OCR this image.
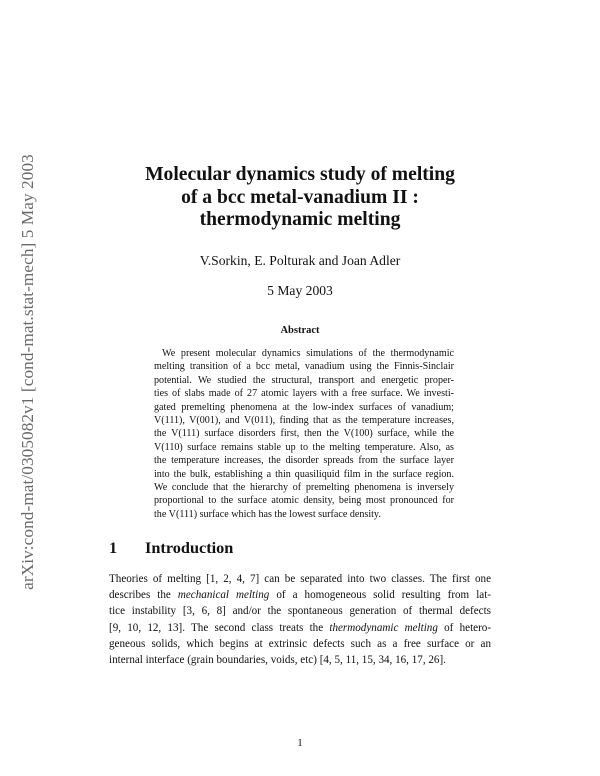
arXiv:cond-mat/0305082v1 [cond-mat.stat-mech] 5 May 2003	Molecular dynamics study of melting
of a bcc metal-vanadium II :
thermodynamic melting
V.Sorkin, E. Polturak and Joan Adler
5 May 2003
Abstract
We present molecular dynamics simulations of the thermodynamic
melting transition of a bcc metal, vanadium using the Finnis-Sinclair
potential. We studied the structural, transport and energetic proper-
ties of slabs made of 27 atomic layers with a free surface. We investi-
gated premelting phenomena at the low-index surfaces of vanadium;
V(111), V(001), and V(011), finding that as the temperature increases,
the V(111) surface disorders first, then the V(100) surface, while the
V(110) surface remains stable up to the melting temperature. Also, as
the temperature increases, the disorder spreads from the surface layer
into the bulk, establishing a thin quasiliquid film in the surface region.
We conclude that the hierarchy of premelting phenomena is inversely
proportional to the surface atomic density, being most pronounced for
the V(111) surface which has the lowest surface density.
1 Introduction
Theories of melting [1, 2, 4, 7] can be separated into two classes. The first one
describes the mechanical melting of a homogeneous solid resulting from lat-
tice instability [3, 6, 8] and/or the spontaneous generation of thermal defects
[9, 10, 12, 13]. The second class treats the thermodynamic melting of hetero-
geneous solids, which begins at extrinsic defects such as a free surface or an
internal interface (grain boundaries, voids, etc) [4, 5, 11, 15, 34, 16, 17, 26].
1
